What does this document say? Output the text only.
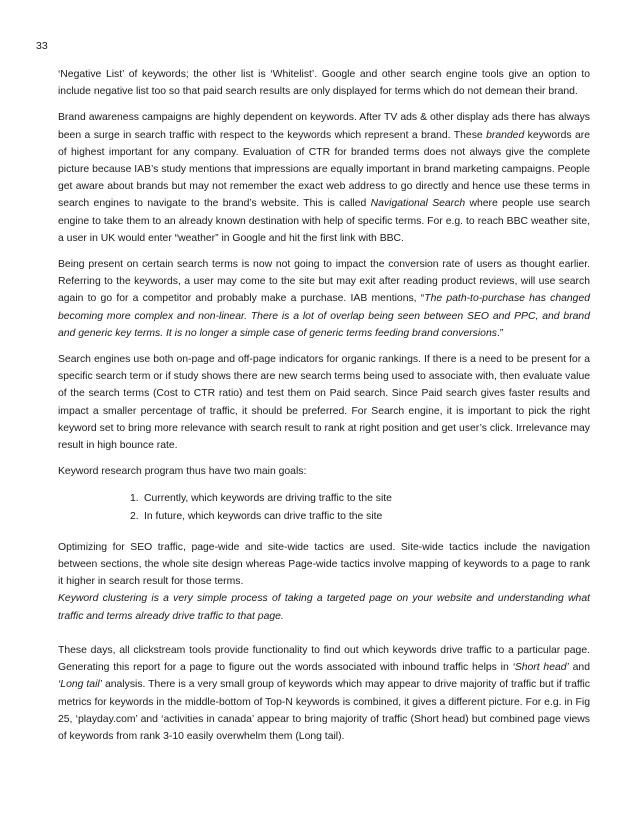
33

‘Negative List’ of keywords; the other list is ‘Whitelist’. Google and other search engine tools give an option to include negative list too so that paid search results are only displayed for terms which do not demean their brand.

Brand awareness campaigns are highly dependent on keywords. After TV ads & other display ads there has always been a surge in search traffic with respect to the keywords which represent a brand. These branded keywords are of highest important for any company. Evaluation of CTR for branded terms does not always give the complete picture because IAB’s study mentions that impressions are equally important in brand marketing campaigns. People get aware about brands but may not remember the exact web address to go directly and hence use these terms in search engines to navigate to the brand’s website. This is called Navigational Search where people use search engine to take them to an already known destination with help of specific terms. For e.g. to reach BBC weather site, a user in UK would enter “weather” in Google and hit the first link with BBC.

Being present on certain search terms is now not going to impact the conversion rate of users as thought earlier. Referring to the keywords, a user may come to the site but may exit after reading product reviews, will use search again to go for a competitor and probably make a purchase. IAB mentions, “The path-to-purchase has changed becoming more complex and non-linear. There is a lot of overlap being seen between SEO and PPC, and brand and generic key terms. It is no longer a simple case of generic terms feeding brand conversions.”

Search engines use both on-page and off-page indicators for organic rankings. If there is a need to be present for a specific search term or if study shows there are new search terms being used to associate with, then evaluate value of the search terms (Cost to CTR ratio) and test them on Paid search. Since Paid search gives faster results and impact a smaller percentage of traffic, it should be preferred. For Search engine, it is important to pick the right keyword set to bring more relevance with search result to rank at right position and get user’s click. Irrelevance may result in high bounce rate.

Keyword research program thus have two main goals:

1. Currently, which keywords are driving traffic to the site
2. In future, which keywords can drive traffic to the site

Optimizing for SEO traffic, page-wide and site-wide tactics are used. Site-wide tactics include the navigation between sections, the whole site design whereas Page-wide tactics involve mapping of keywords to a page to rank it higher in search result for those terms.

Keyword clustering is a very simple process of taking a targeted page on your website and understanding what traffic and terms already drive traffic to that page.

These days, all clickstream tools provide functionality to find out which keywords drive traffic to a particular page. Generating this report for a page to figure out the words associated with inbound traffic helps in ‘Short head’ and ‘Long tail’ analysis. There is a very small group of keywords which may appear to drive majority of traffic but if traffic metrics for keywords in the middle-bottom of Top-N keywords is combined, it gives a different picture. For e.g. in Fig 25, ‘playday.com’ and ‘activities in canada’ appear to bring majority of traffic (Short head) but combined page views of keywords from rank 3-10 easily overwhelm them (Long tail).
